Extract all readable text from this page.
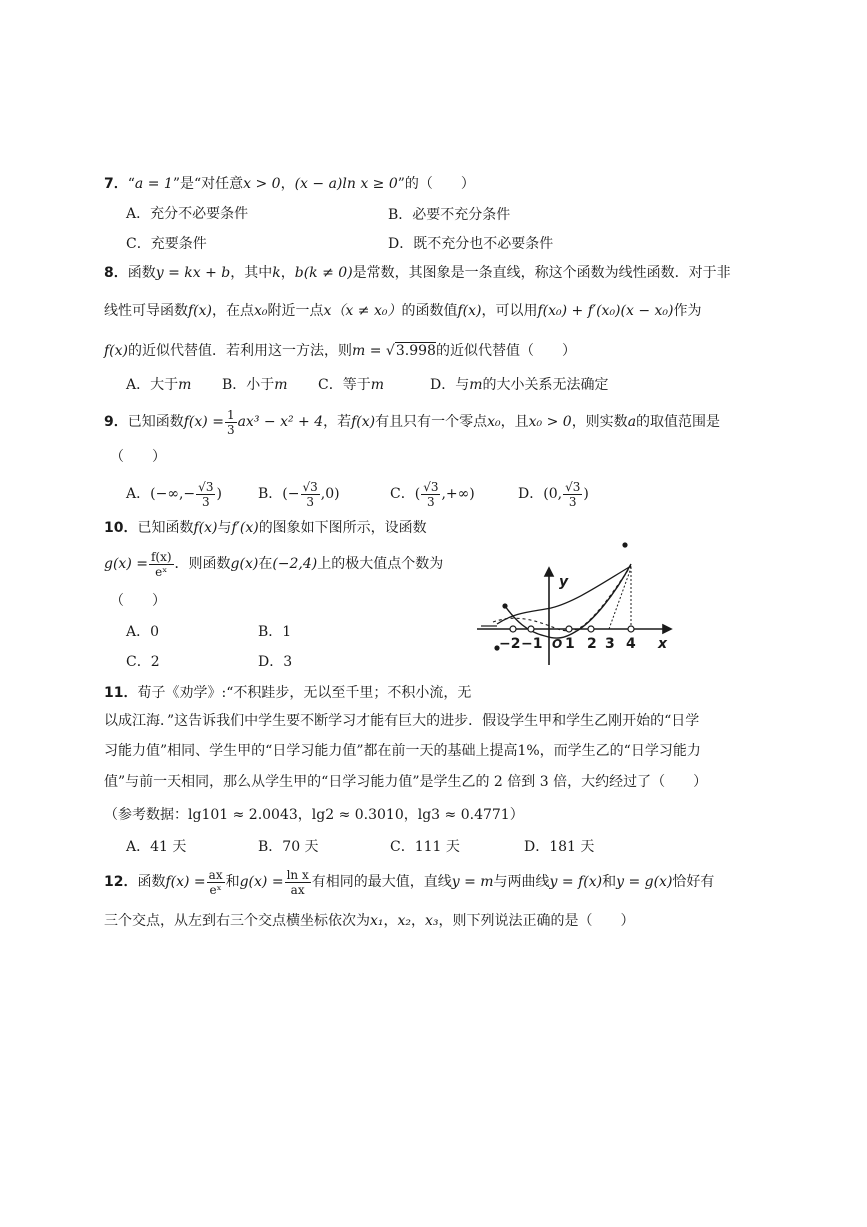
7．“a = 1”是“对任意x > 0，(x − a)ln x ≥ 0”的（　　）
A．充分不必要条件	B．必要不充分条件
C．充要条件	D．既不充分也不必要条件
8．函数y = kx + b，其中k，b(k ≠ 0)是常数，其图象是一条直线，称这个函数为线性函数．对于非
线性可导函数f(x)，在点x₀附近一点x（x ≠ x₀）的函数值f(x)，可以用f(x₀) + f′(x₀)(x − x₀)作为
f(x)的近似代替值．若利用这一方法，则m = √3.998的近似代替值（　　）
A．大于m B．小于m C．等于m	D．与m的大小关系无法确定
9．已知函数$f(x) = \frac{1}{3} ax^3 - x^2 + 4$，若f(x)有且只有一个零点x₀，且x₀ > 0，则实数a的取值范围是
（　　）
A．(−∞,− $\frac{√3}{3}$ )	B．(− $\frac{√3}{3} ,0$)	C．( $\frac{√3}{3}$ ,+∞)	D．(0, $\frac{√3}{3}$ )
10．已知函数f(x)与f′(x)的图象如下图所示，设函数
$g(x) = \frac{f(x)}{\text{eˣ}}$ ．则函数g(x)在(−2,4)上的极大值点个数为
（　　）
A．0	B．1
C．2	D．3
y
x
−2 −1 O 1 2 3 4
11．荀子《劝学》:“不积跬步，无以至千里；不积小流，无
以成江海．”这告诉我们中学生要不断学习才能有巨大的进步．假设学生甲和学生乙刚开始的“日学
习能力值”相同、学生甲的“日学习能力值”都在前一天的基础上提高1%，而学生乙的“日学习能力
值”与前一天相同，那么从学生甲的“日学习能力值”是学生乙的 2 倍到 3 倍，大约经过了（　　）
（参考数据：lg101 ≈ 2.0043，lg2 ≈ 0.3010，lg3 ≈ 0.4771）
A．41 天	B．70 天	C．111 天	D．181 天
12．函数$f(x) = \frac{ax}{\text{eˣ}}$ 和$g(x) = \frac{\text{ln x}}{ax}$ 有相同的最大值，直线y = m与两曲线y = f(x)和y = g(x)恰好有
三个交点，从左到右三个交点横坐标依次为x₁，x₂，x₃，则下列说法正确的是（　　）
